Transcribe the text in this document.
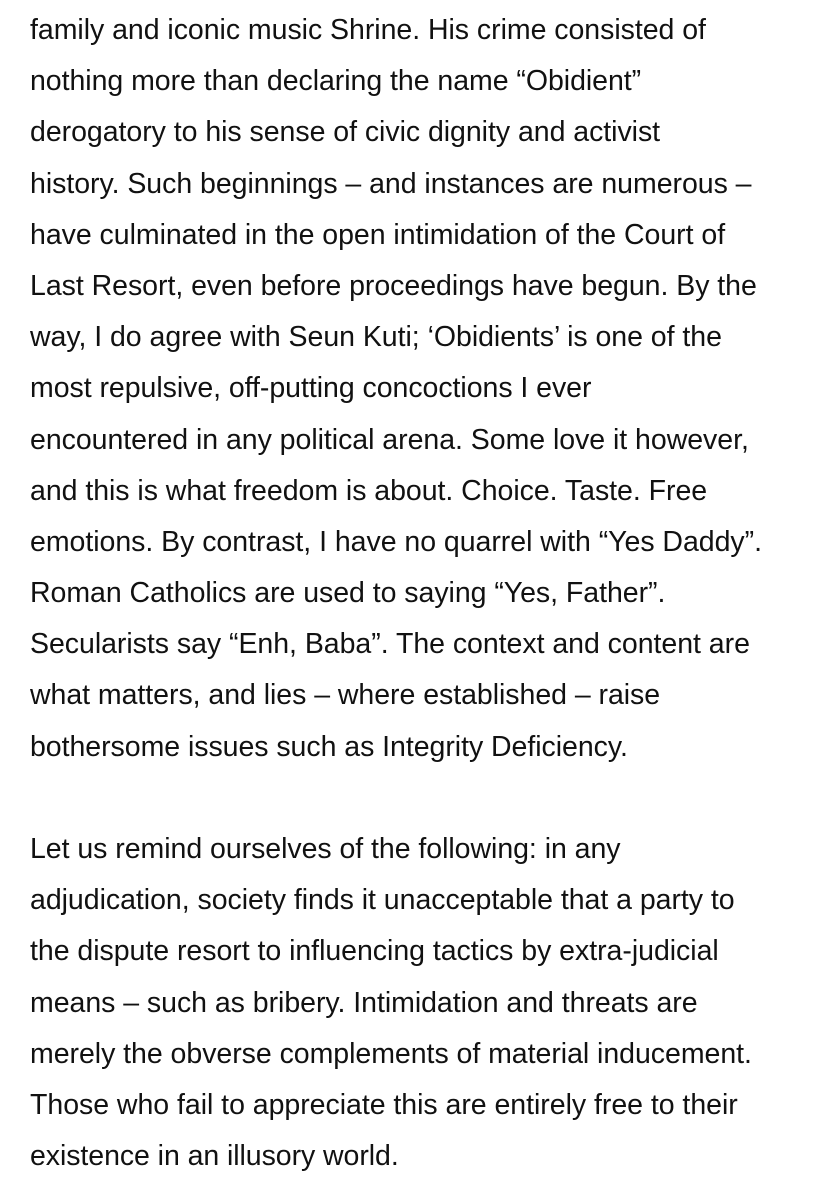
family and iconic music Shrine. His crime consisted of
nothing more than declaring the name “Obidient”
derogatory to his sense of civic dignity and activist
history. Such beginnings – and instances are numerous –
have culminated in the open intimidation of the Court of
Last Resort, even before proceedings have begun. By the
way, I do agree with Seun Kuti; ‘Obidients’ is one of the
most repulsive, off-putting concoctions I ever
encountered in any political arena. Some love it however,
and this is what freedom is about. Choice. Taste. Free
emotions. By contrast, I have no quarrel with “Yes Daddy”.
Roman Catholics are used to saying “Yes, Father”.
Secularists say “Enh, Baba”. The context and content are
what matters, and lies – where established – raise
bothersome issues such as Integrity Deficiency.

Let us remind ourselves of the following: in any
adjudication, society finds it unacceptable that a party to
the dispute resort to influencing tactics by extra-judicial
means – such as bribery. Intimidation and threats are
merely the obverse complements of material inducement.
Those who fail to appreciate this are entirely free to their
existence in an illusory world.
